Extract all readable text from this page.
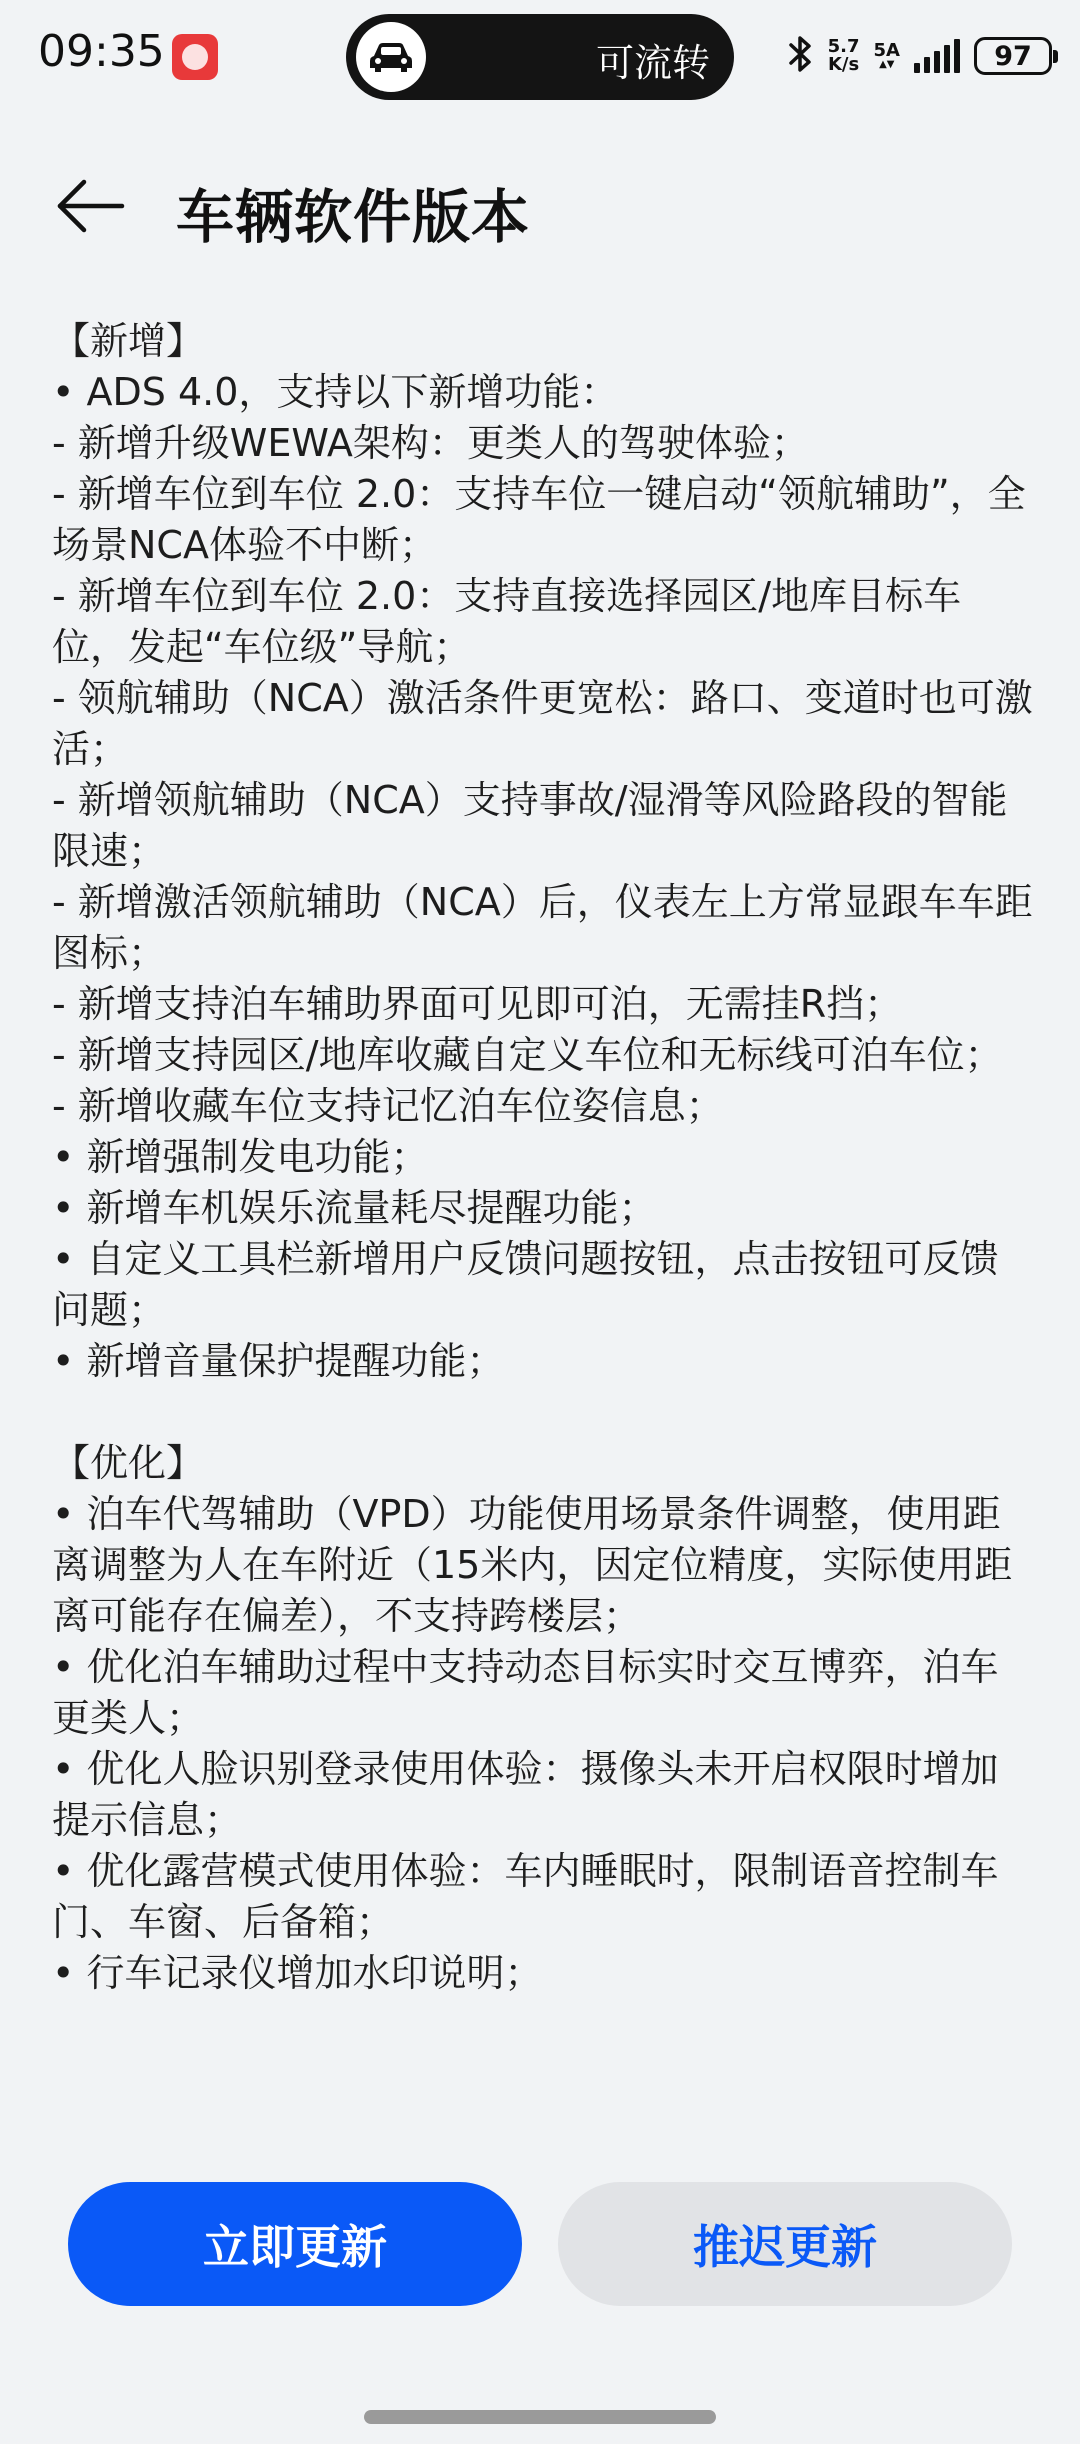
09:35	可流转	5.7
K/s
5A
▲▼	97
车辆软件版本

【新增】

• ADS 4.0，支持以下新增功能：

- 新增升级WEWA架构：更类人的驾驶体验；

- 新增车位到车位 2.0：支持车位一键启动“领航辅助”，全场景NCA体验不中断；

- 新增车位到车位 2.0：支持直接选择园区/地库目标车位，发起“车位级”导航；

- 领航辅助（NCA）激活条件更宽松：路口、变道时也可激活；

- 新增领航辅助（NCA）支持事故/湿滑等风险路段的智能限速；

- 新增激活领航辅助（NCA）后，仪表左上方常显跟车车距图标；

- 新增支持泊车辅助界面可见即可泊，无需挂R挡；

- 新增支持园区/地库收藏自定义车位和无标线可泊车位；

- 新增收藏车位支持记忆泊车位姿信息；

• 新增强制发电功能；

• 新增车机娱乐流量耗尽提醒功能；

• 自定义工具栏新增用户反馈问题按钮，点击按钮可反馈问题；

• 新增音量保护提醒功能；

【优化】

• 泊车代驾辅助（VPD）功能使用场景条件调整，使用距离调整为人在车附近（15米内，因定位精度，实际使用距离可能存在偏差），不支持跨楼层；

• 优化泊车辅助过程中支持动态目标实时交互博弈，泊车更类人；

• 优化人脸识别登录使用体验：摄像头未开启权限时增加提示信息；

• 优化露营模式使用体验：车内睡眠时，限制语音控制车门、车窗、后备箱；

• 行车记录仪增加水印说明；

立即更新	推迟更新
